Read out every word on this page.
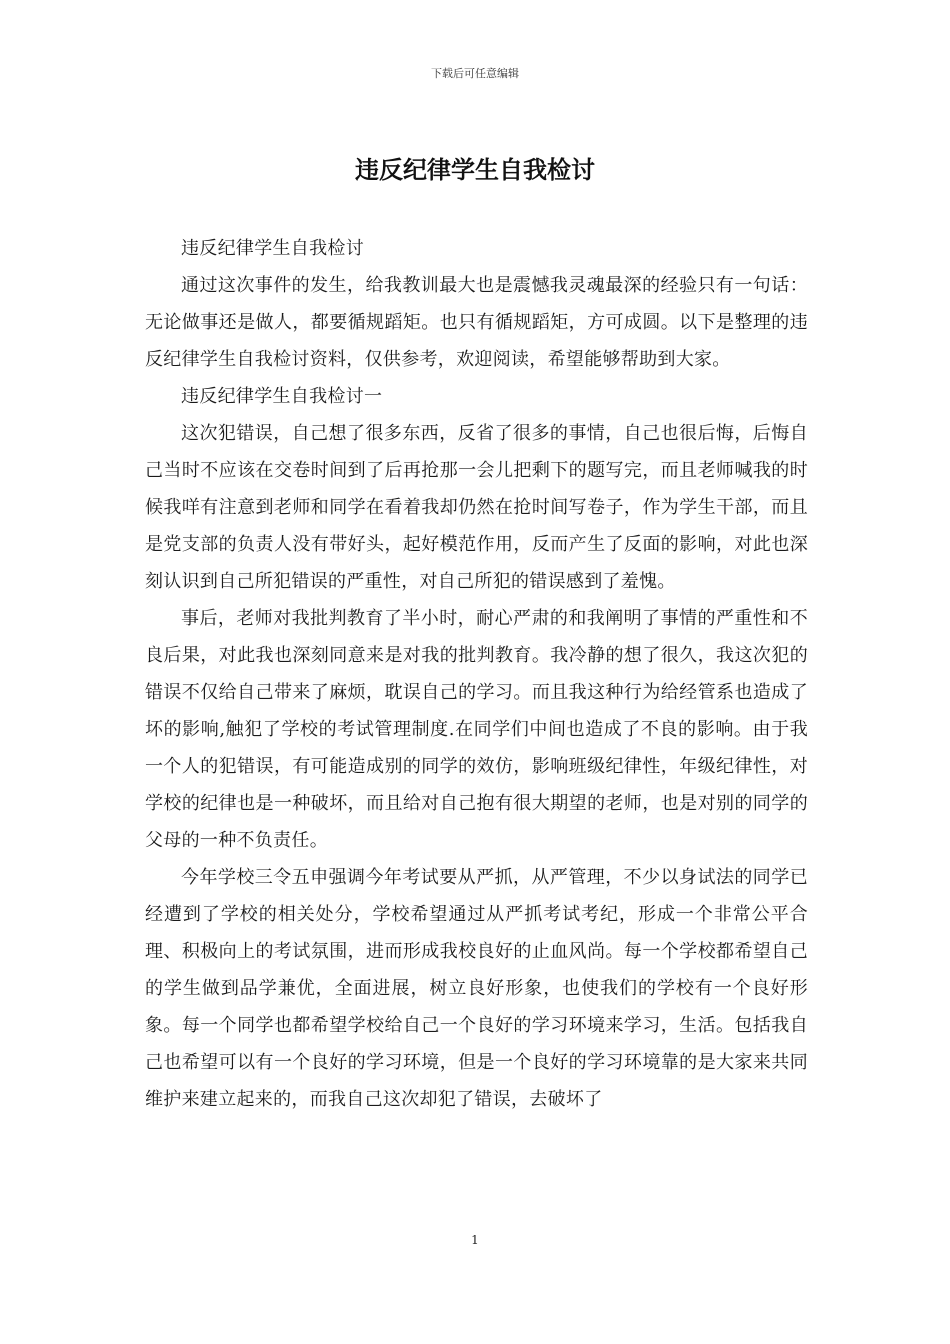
下载后可任意编辑
违反纪律学生自我检讨

违反纪律学生自我检讨

通过这次事件的发生，给我教训最大也是震憾我灵魂最深的经验只有一句话：无论做事还是做人，都要循规蹈矩。也只有循规蹈矩，方可成圆。以下是整理的违反纪律学生自我检讨资料，仅供参考，欢迎阅读，希望能够帮助到大家。

违反纪律学生自我检讨一

这次犯错误，自己想了很多东西，反省了很多的事情，自己也很后悔，后悔自己当时不应该在交卷时间到了后再抢那一会儿把剩下的题写完，而且老师喊我的时候我咩有注意到老师和同学在看着我却仍然在抢时间写卷子，作为学生干部，而且是党支部的负责人没有带好头，起好模范作用，反而产生了反面的影响，对此也深刻认识到自己所犯错误的严重性，对自己所犯的错误感到了羞愧。

事后，老师对我批判教育了半小时，耐心严肃的和我阐明了事情的严重性和不良后果，对此我也深刻同意来是对我的批判教育。我冷静的想了很久，我这次犯的错误不仅给自己带来了麻烦，耽误自己的学习。而且我这种行为给经管系也造成了坏的影响,触犯了学校的考试管理制度.在同学们中间也造成了不良的影响。由于我一个人的犯错误，有可能造成别的同学的效仿，影响班级纪律性，年级纪律性，对学校的纪律也是一种破坏，而且给对自己抱有很大期望的老师，也是对别的同学的父母的一种不负责任。

今年学校三令五申强调今年考试要从严抓，从严管理，不少以身试法的同学已经遭到了学校的相关处分，学校希望通过从严抓考试考纪，形成一个非常公平合理、积极向上的考试氛围，进而形成我校良好的止血风尚。每一个学校都希望自己的学生做到品学兼优，全面进展，树立良好形象，也使我们的学校有一个良好形象。每一个同学也都希望学校给自己一个良好的学习环境来学习，生活。包括我自己也希望可以有一个良好的学习环境，但是一个良好的学习环境靠的是大家来共同维护来建立起来的，而我自己这次却犯了错误，去破坏了

1
